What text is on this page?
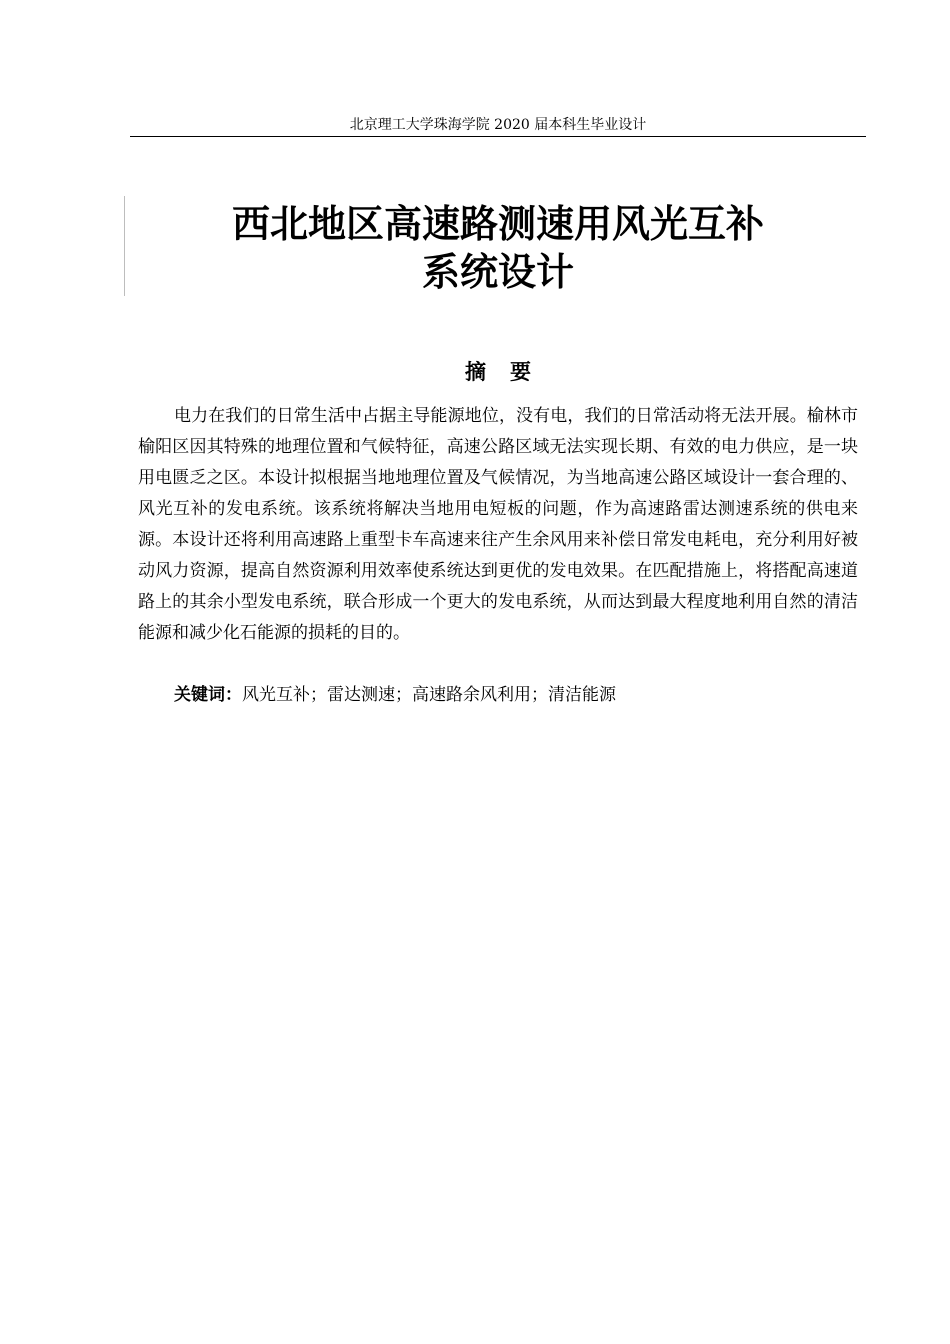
北京理工大学珠海学院 2020 届本科生毕业设计
西北地区高速路测速用风光互补
系统设计
摘要

电力在我们的日常生活中占据主导能源地位，没有电，我们的日常活动将无法开展。榆林市榆阳区因其特殊的地理位置和气候特征，高速公路区域无法实现长期、有效的电力供应，是一块用电匮乏之区。本设计拟根据当地地理位置及气候情况，为当地高速公路区域设计一套合理的、风光互补的发电系统。该系统将解决当地用电短板的问题，作为高速路雷达测速系统的供电来源。本设计还将利用高速路上重型卡车高速来往产生余风用来补偿日常发电耗电，充分利用好被动风力资源，提高自然资源利用效率使系统达到更优的发电效果。在匹配措施上，将搭配高速道路上的其余小型发电系统，联合形成一个更大的发电系统，从而达到最大程度地利用自然的清洁能源和减少化石能源的损耗的目的。

关键词：风光互补；雷达测速；高速路余风利用；清洁能源
